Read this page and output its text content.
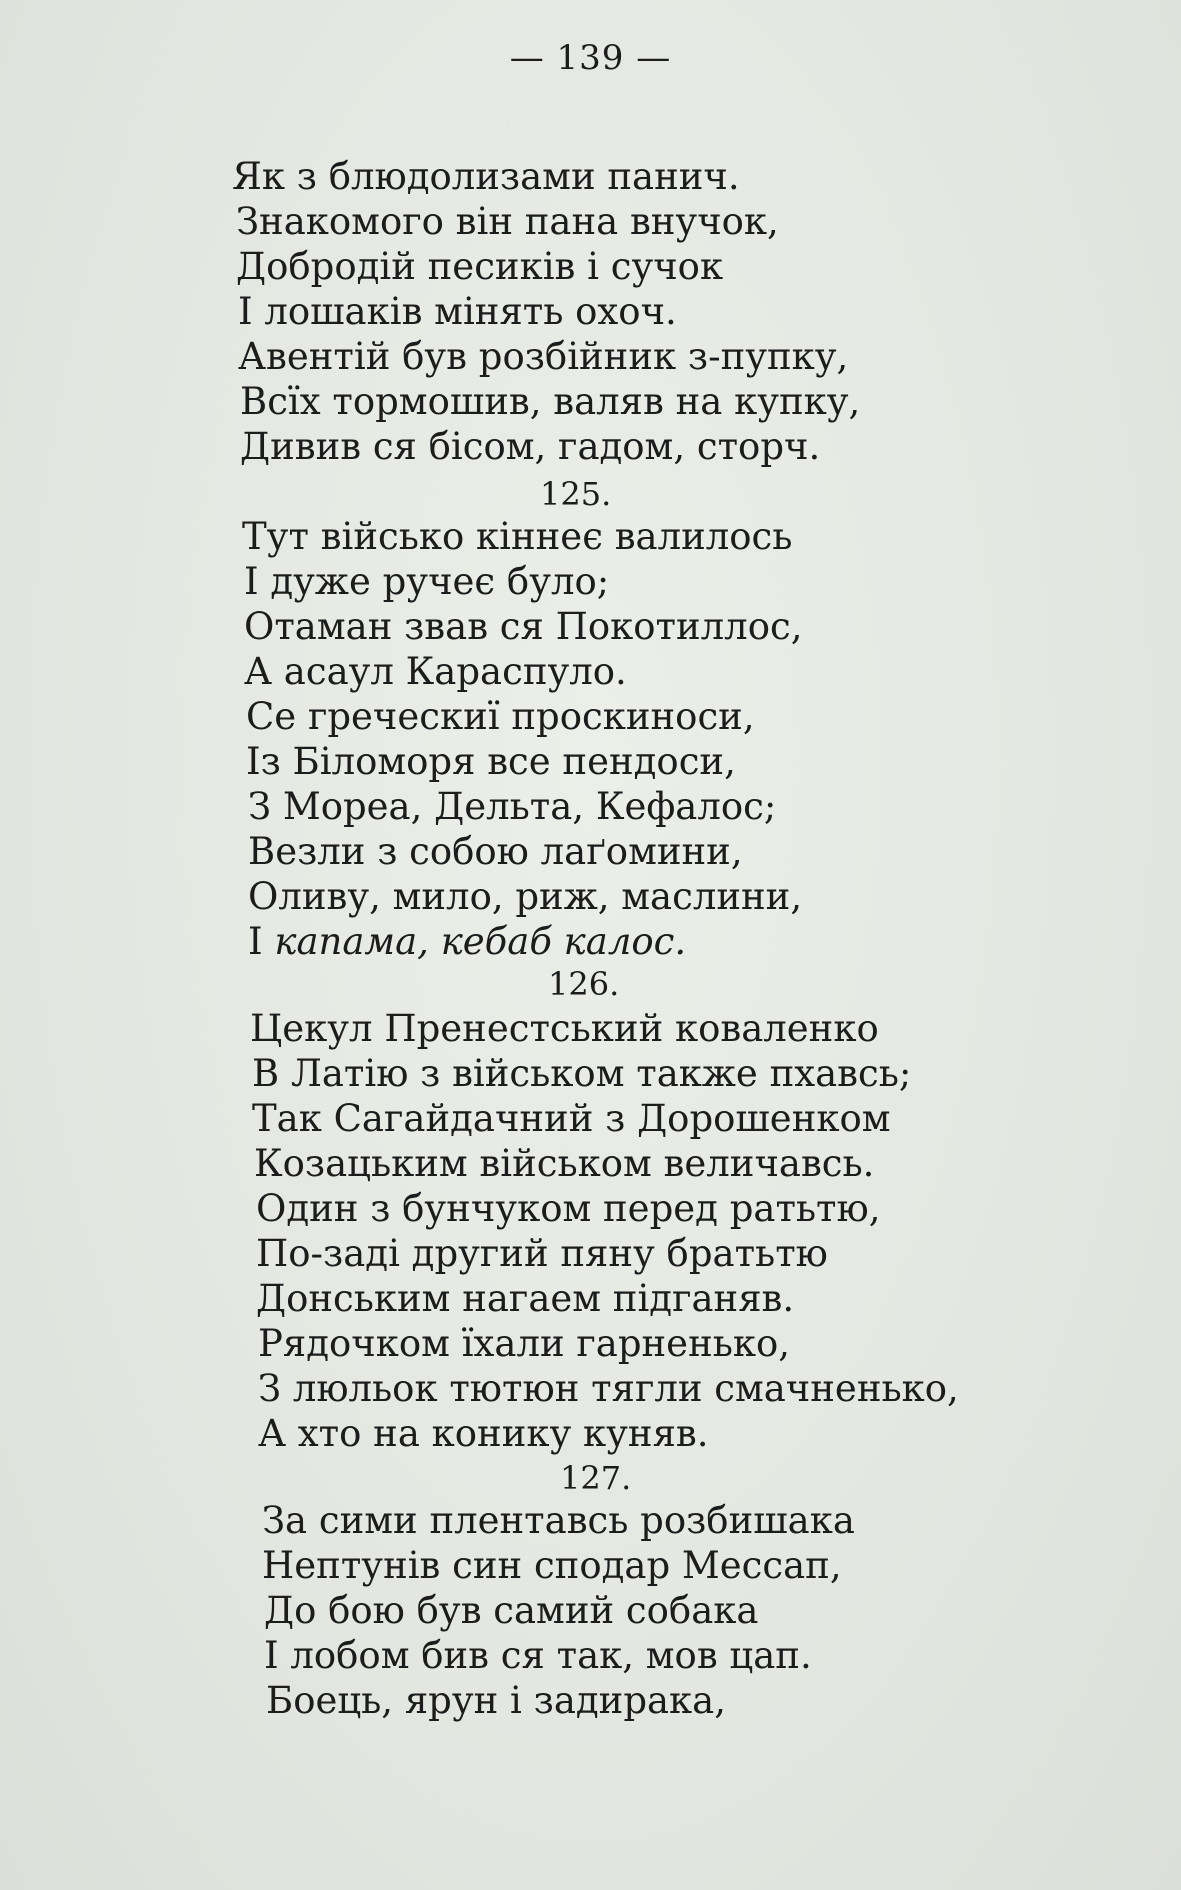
— 139 —
Як з блюдолизами панич.
Знакомого він пана внучок,
Добродій песиків і сучок
І лошаків мінять охоч.
Авентій був розбійник з-пупку,
Всїх тормошив, валяв на купку,
Дивив ся бісом, гадом, сторч.
125.
Тут військо кіннеє валилось
І дуже ручеє було;
Отаман звав ся Покотиллос,
А асаул Караспуло.
Се греческиї проскиноси,
Із Біломоря все пендоси,
З Мореа, Дельта, Кефалос;
Везли з собою лаґомини,
Оливу, мило, риж, маслини,
І капама, кебаб калос.
126.
Цекул Пренестський коваленко
В Латію з військом также пхавсь;
Так Сагайдачний з Дорошенком
Козацьким військом величавсь.
Один з бунчуком перед ратьтю,
По-заді другий пяну братьтю
Донським нагаем підганяв.
Рядочком їхали гарненько,
З люльок тютюн тягли смачненько,
А хто на конику куняв.
127.
За сими плентавсь розбишака
Нептунів син сподар Мессап,
До бою був самий собака
І лобом бив ся так, мов цап.
Боець, ярун і задирака,
